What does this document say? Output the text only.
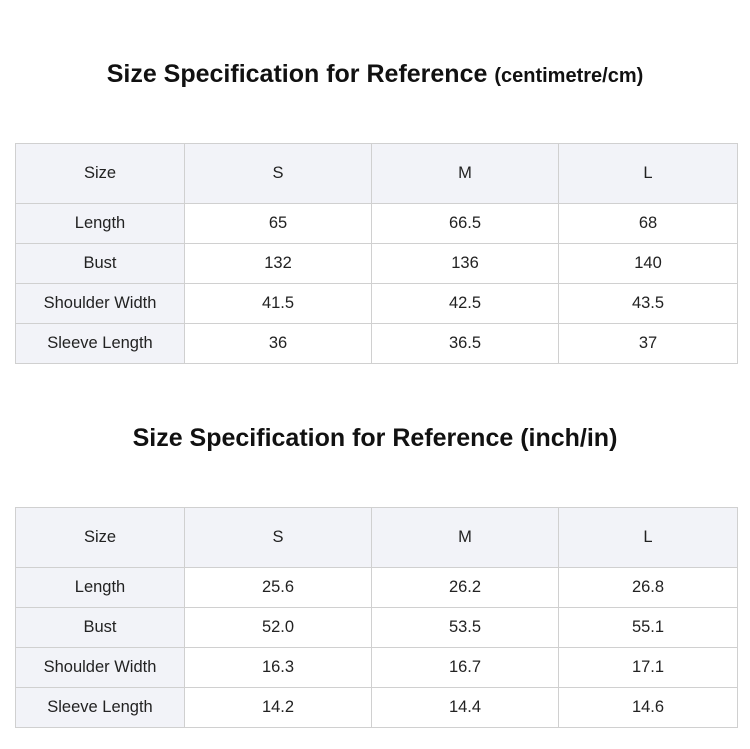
Size Specification for Reference (centimetre/cm)
Size	S	M	L
Length	65	66.5	68
Bust	132	136	140
Shoulder Width	41.5	42.5	43.5
Sleeve Length	36	36.5	37
Size Specification for Reference (inch/in)
Size	S	M	L
Length	25.6	26.2	26.8
Bust	52.0	53.5	55.1
Shoulder Width	16.3	16.7	17.1
Sleeve Length	14.2	14.4	14.6
